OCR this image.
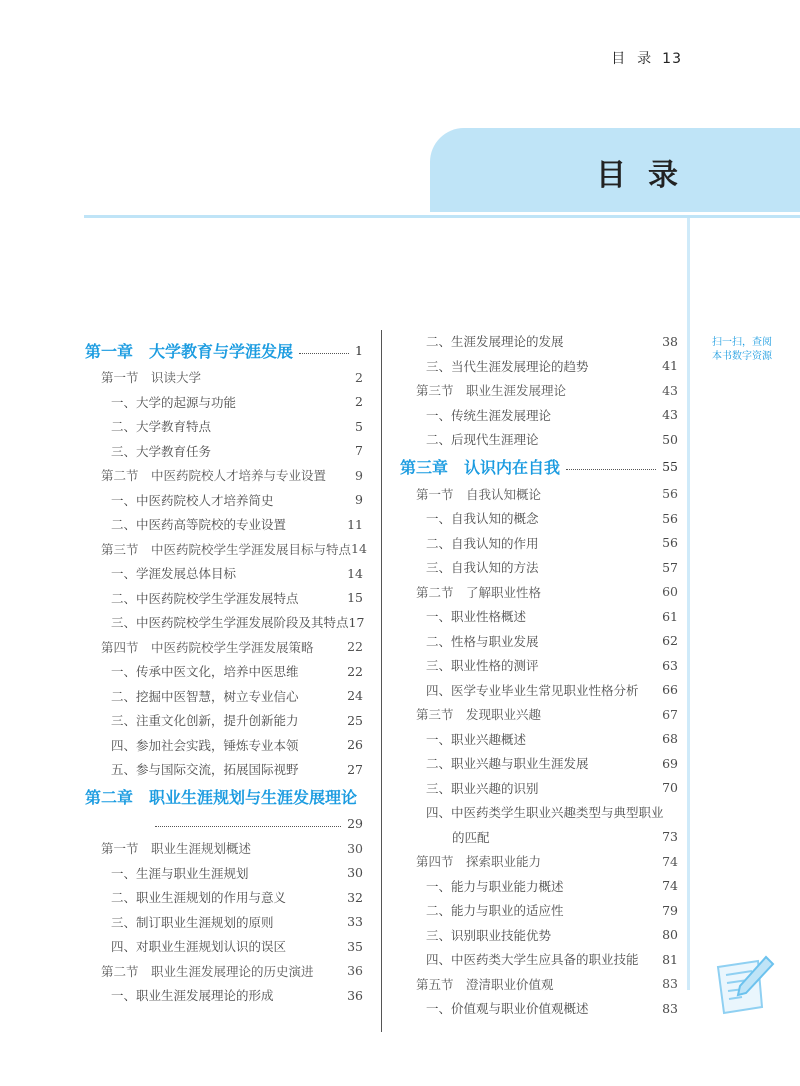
目  录 13
目录
扫一扫，查阅
本书数字资源
第一章　大学教育与学涯发展	1
第一节　识读大学	2
一、大学的起源与功能	2
二、大学教育特点	5
三、大学教育任务	7
第二节　中医药院校人才培养与专业设置 9
一、中医药院校人才培养简史	9
二、中医药高等院校的专业设置	11
第三节　中医药院校学生学涯发展目标与特点 14
一、学涯发展总体目标	14
二、中医药院校学生学涯发展特点	15
三、中医药院校学生学涯发展阶段及其特点 17
第四节　中医药院校学生学涯发展策略	22
一、传承中医文化，培养中医思维	22
二、挖掘中医智慧，树立专业信心	24
三、注重文化创新，提升创新能力	25
四、参加社会实践，锤炼专业本领	26
五、参与国际交流，拓展国际视野	27
第二章　职业生涯规划与生涯发展理论
29
第一节　职业生涯规划概述	30
一、生涯与职业生涯规划	30
二、职业生涯规划的作用与意义	32
三、制订职业生涯规划的原则	33
四、对职业生涯规划认识的误区	35
第二节　职业生涯发展理论的历史演进	36
一、职业生涯发展理论的形成	36
二、生涯发展理论的发展	38
三、当代生涯发展理论的趋势	41
第三节　职业生涯发展理论	43
一、传统生涯发展理论	43
二、后现代生涯理论	50
第三章　认识内在自我	55
第一节　自我认知概论	56
一、自我认知的概念	56
二、自我认知的作用	56
三、自我认知的方法	57
第二节　了解职业性格	60
一、职业性格概述	61
二、性格与职业发展	62
三、职业性格的测评	63
四、医学专业毕业生常见职业性格分析 66
第三节　发现职业兴趣	67
一、职业兴趣概述	68
二、职业兴趣与职业生涯发展	69
三、职业兴趣的识别	70
四、中医药类学生职业兴趣类型与典型职业
的匹配	73
第四节　探索职业能力	74
一、能力与职业能力概述	74
二、能力与职业的适应性	79
三、识别职业技能优势	80
四、中医药类大学生应具备的职业技能 81
第五节　澄清职业价值观	83
一、价值观与职业价值观概述	83
